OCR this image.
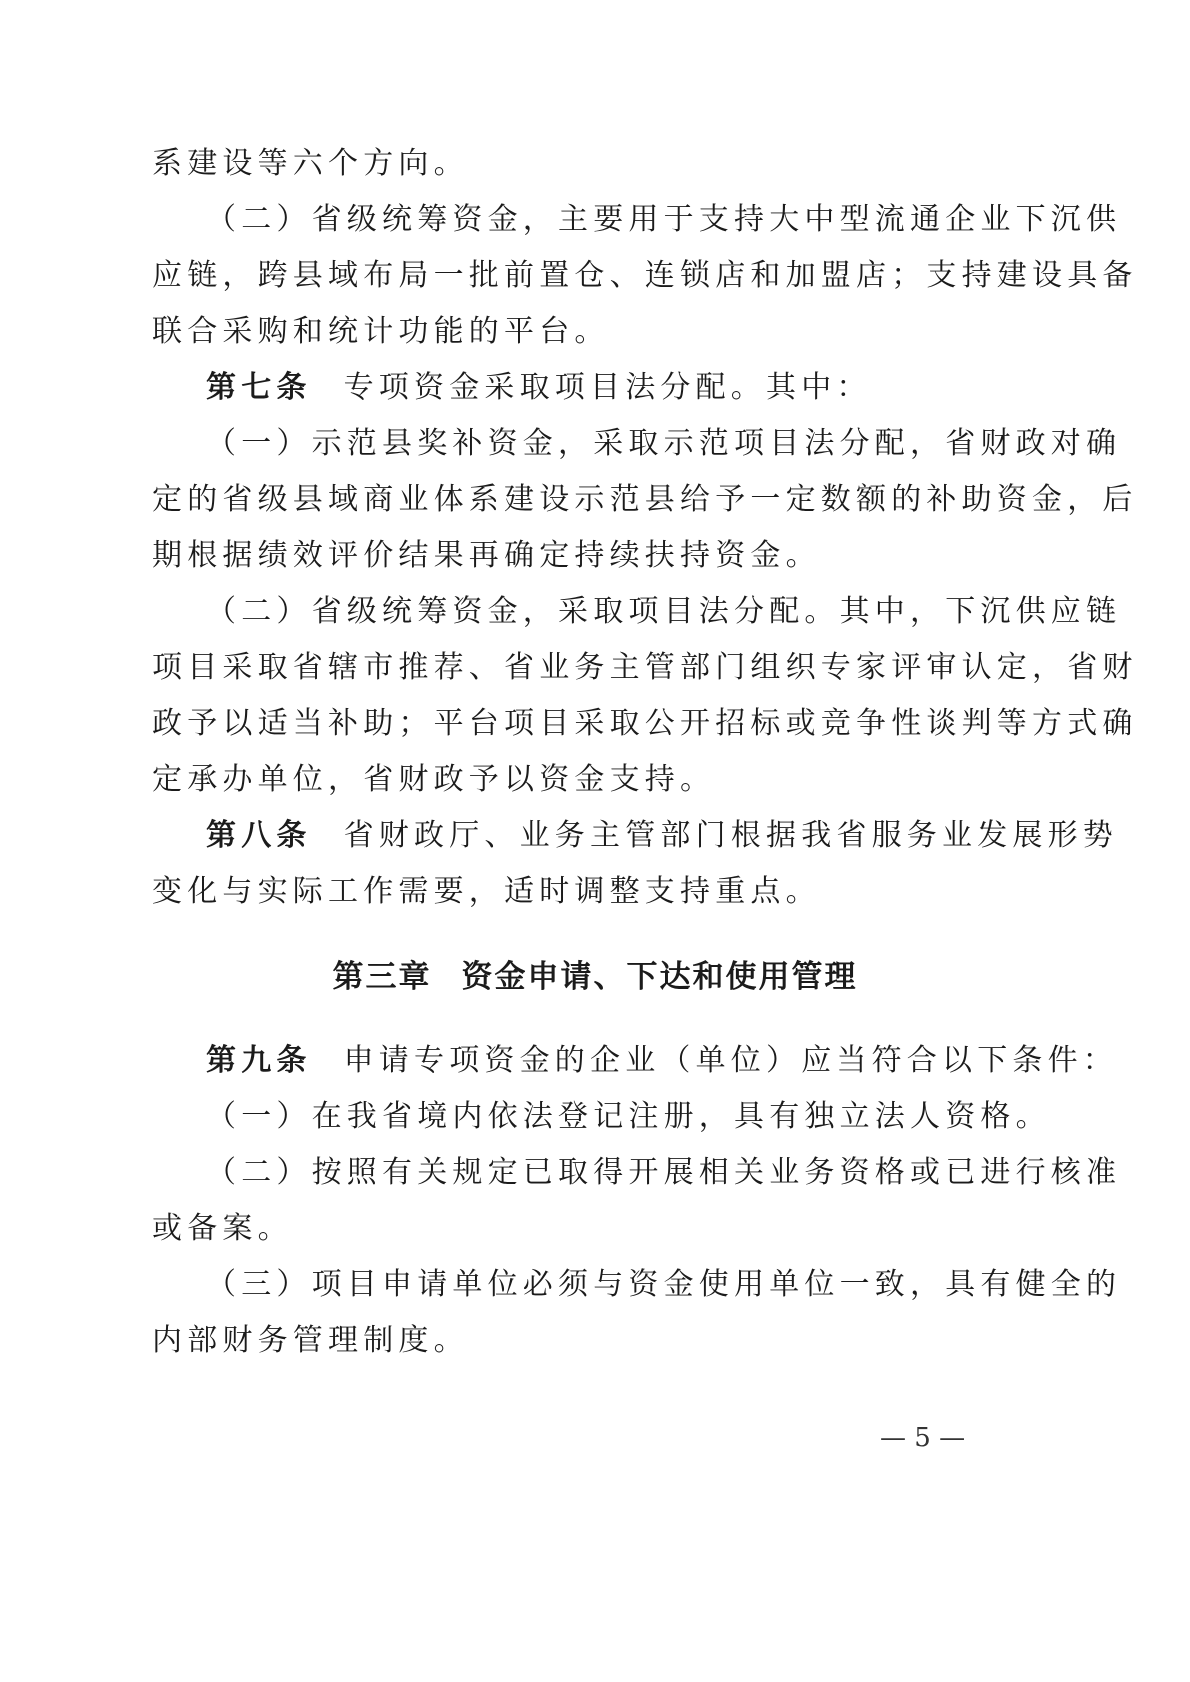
系建设等六个方向。
（二）省级统筹资金，主要用于支持大中型流通企业下沉供
应链，跨县域布局一批前置仓、连锁店和加盟店；支持建设具备
联合采购和统计功能的平台。
第七条 专项资金采取项目法分配。其中：
（一）示范县奖补资金，采取示范项目法分配，省财政对确
定的省级县域商业体系建设示范县给予一定数额的补助资金，后
期根据绩效评价结果再确定持续扶持资金。
（二）省级统筹资金，采取项目法分配。其中，下沉供应链
项目采取省辖市推荐、省业务主管部门组织专家评审认定，省财
政予以适当补助；平台项目采取公开招标或竞争性谈判等方式确
定承办单位，省财政予以资金支持。
第八条 省财政厅、业务主管部门根据我省服务业发展形势
变化与实际工作需要，适时调整支持重点。
第三章 资金申请、下达和使用管理
第九条 申请专项资金的企业（单位）应当符合以下条件：
（一）在我省境内依法登记注册，具有独立法人资格。
（二）按照有关规定已取得开展相关业务资格或已进行核准
或备案。
（三）项目申请单位必须与资金使用单位一致，具有健全的
内部财务管理制度。
— 5 —
